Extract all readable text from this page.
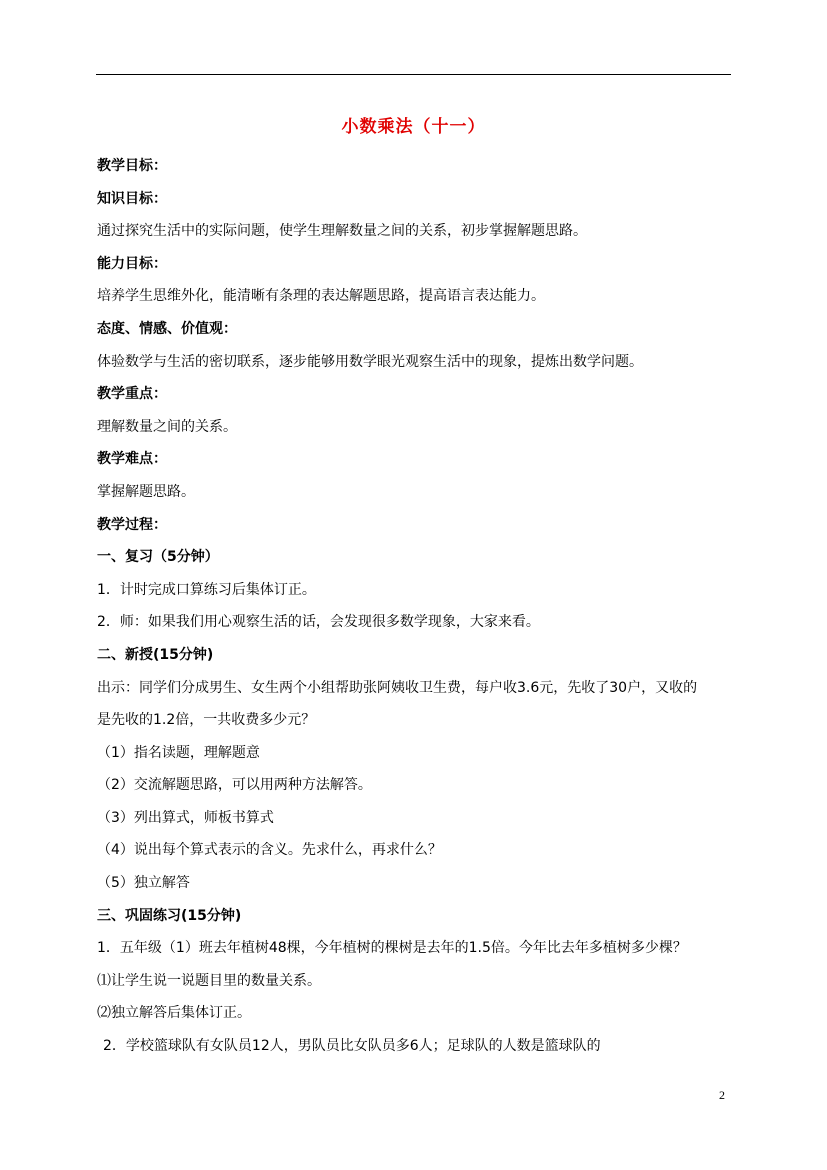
小数乘法（十一）
教学目标：
知识目标：
通过探究生活中的实际问题，使学生理解数量之间的关系，初步掌握解题思路。
能力目标：
培养学生思维外化，能清晰有条理的表达解题思路，提高语言表达能力。
态度、情感、价值观：
体验数学与生活的密切联系，逐步能够用数学眼光观察生活中的现象，提炼出数学问题。
教学重点：
理解数量之间的关系。
教学难点：
掌握解题思路。
教学过程：
一、复习（5分钟）
1．计时完成口算练习后集体订正。
2．师：如果我们用心观察生活的话，会发现很多数学现象，大家来看。
二、新授(15分钟)
出示：同学们分成男生、女生两个小组帮助张阿姨收卫生费，每户收3.6元，先收了30户，又收的
是先收的1.2倍，一共收费多少元？
（1）指名读题，理解题意
（2）交流解题思路，可以用两种方法解答。
（3）列出算式，师板书算式
（4）说出每个算式表示的含义。先求什么，再求什么？
（5）独立解答
三、巩固练习(15分钟)
1．五年级（1）班去年植树48棵，今年植树的棵树是去年的1.5倍。今年比去年多植树多少棵？
⑴让学生说一说题目里的数量关系。
⑵独立解答后集体订正。
2．学校篮球队有女队员12人，男队员比女队员多6人；足球队的人数是篮球队的
2
